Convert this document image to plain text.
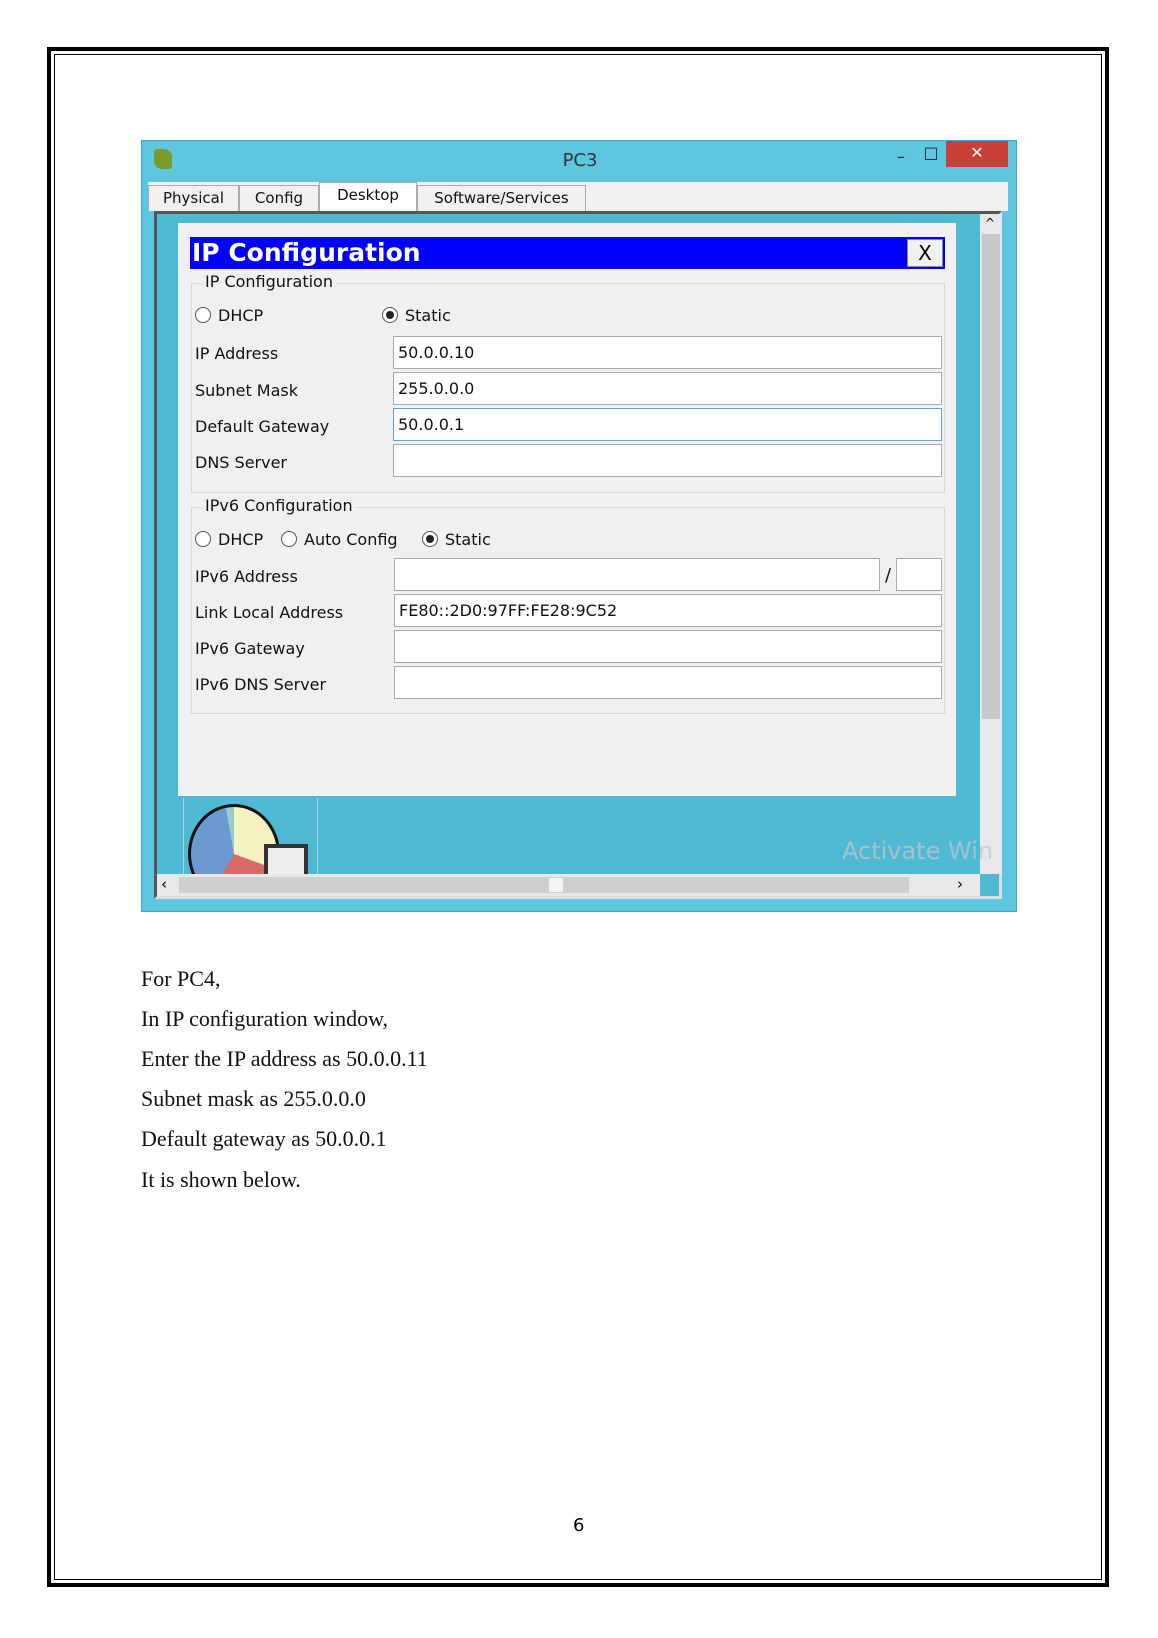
PC3	–	□	✕
Physical	Config	Desktop	Software/Services
IP Configuration	X
IP Configuration
DHCP	Static
IP Address	50.0.0.10
Subnet Mask	255.0.0.0
Default Gateway	50.0.0.1
DNS Server
IPv6 Configuration
DHCP	Auto Config	Static
IPv6 Address	/
Link Local Address	FE80::2D0:97FF:FE28:9C52
IPv6 Gateway
IPv6 DNS Server
^
‹	›
Activate Win
For PC4,
In IP configuration window,
Enter the IP address as 50.0.0.11
Subnet mask as 255.0.0.0
Default gateway as 50.0.0.1
It is shown below.
6
